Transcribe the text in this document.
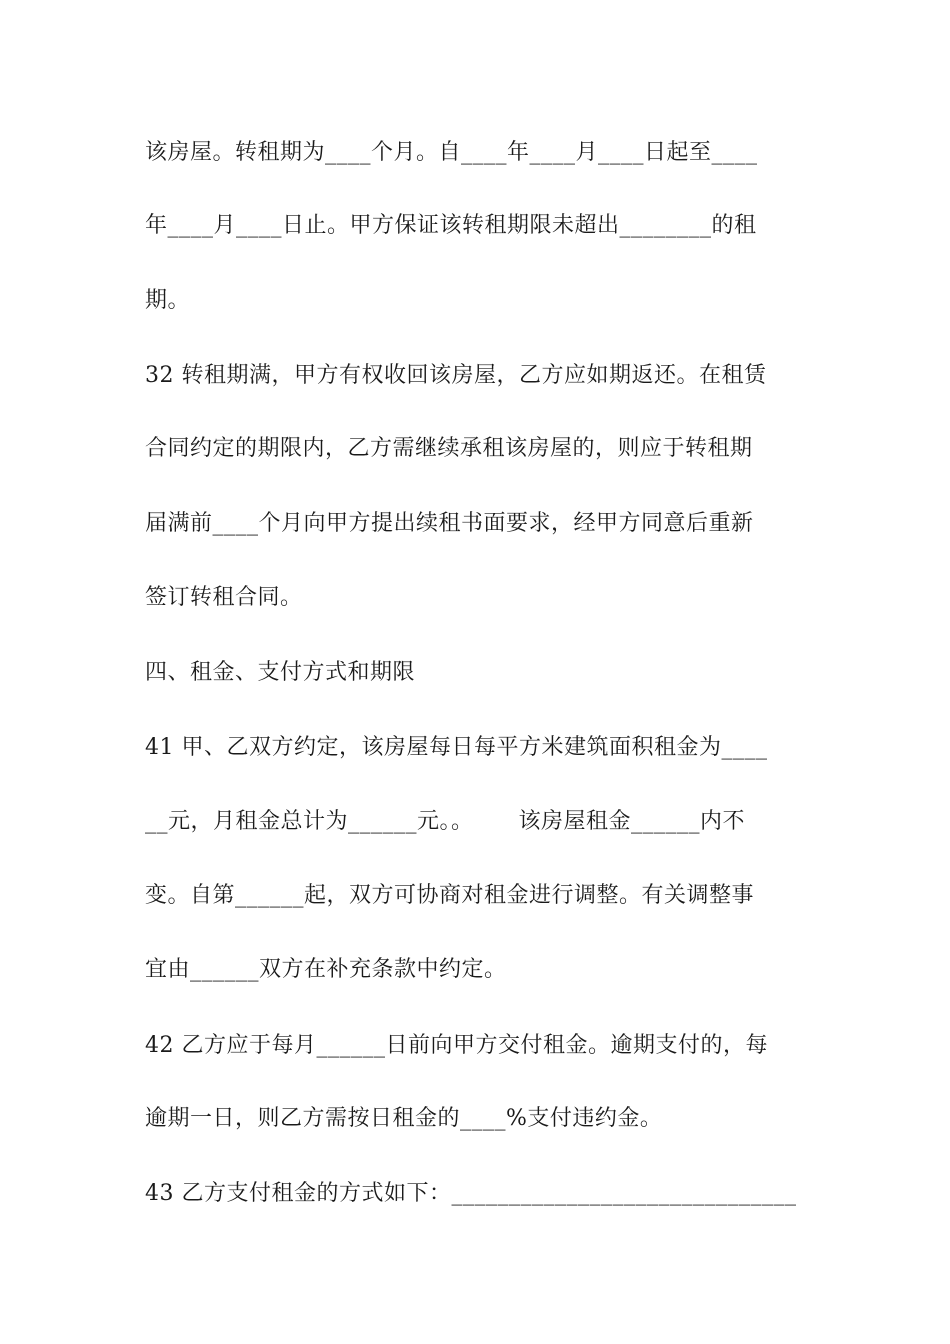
该房屋。转租期为____个月。自____年____月____日起至____
年____月____日止。甲方保证该转租期限未超出________的租
期。
32 转租期满，甲方有权收回该房屋，乙方应如期返还。在租赁
合同约定的期限内，乙方需继续承租该房屋的，则应于转租期
届满前____个月向甲方提出续租书面要求，经甲方同意后重新
签订转租合同。
四、租金、支付方式和期限
41 甲、乙双方约定，该房屋每日每平方米建筑面积租金为____
__元，月租金总计为______元。。      该房屋租金______内不
变。自第______起，双方可协商对租金进行调整。有关调整事
宜由______双方在补充条款中约定。
42 乙方应于每月______日前向甲方交付租金。逾期支付的，每
逾期一日，则乙方需按日租金的____%支付违约金。
43 乙方支付租金的方式如下：______________________________
